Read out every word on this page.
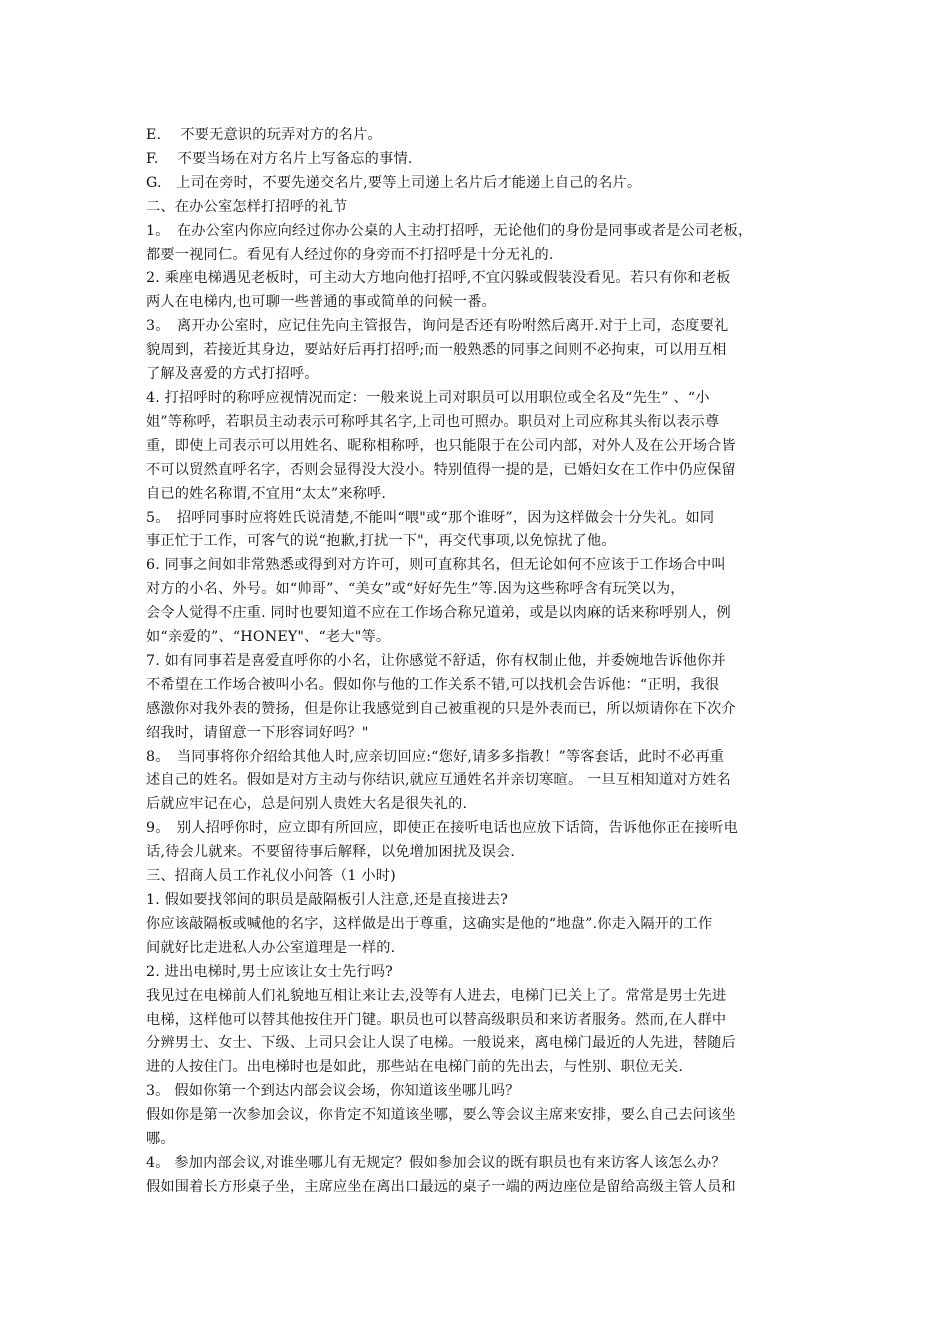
E.　 不要无意识的玩弄对方的名片。
F.　 不要当场在对方名片上写备忘的事情.
G.　上司在旁时，不要先递交名片,要等上司递上名片后才能递上自己的名片。
二、在办公室怎样打招呼的礼节
1。　在办公室内你应向经过你办公桌的人主动打招呼，无论他们的身份是同事或者是公司老板，
都要一视同仁。看见有人经过你的身旁而不打招呼是十分无礼的.
2. 乘座电梯遇见老板时，可主动大方地向他打招呼,不宜闪躲或假装没看见。若只有你和老板
两人在电梯内,也可聊一些普通的事或简单的问候一番。
3。　离开办公室时，应记住先向主管报告，询问是否还有吩咐然后离开.对于上司，态度要礼
貌周到，若接近其身边，要站好后再打招呼;而一般熟悉的同事之间则不必拘束，可以用互相
了解及喜爱的方式打招呼。
4. 打招呼时的称呼应视情况而定：一般来说上司对职员可以用职位或全名及“先生” 、“小
姐”等称呼，若职员主动表示可称呼其名字,上司也可照办。职员对上司应称其头衔以表示尊
重，即使上司表示可以用姓名、昵称相称呼，也只能限于在公司内部，对外人及在公开场合皆
不可以贸然直呼名字，否则会显得没大没小。特别值得一提的是，已婚妇女在工作中仍应保留
自已的姓名称谓,不宜用“太太”来称呼.
5。　招呼同事时应将姓氏说清楚,不能叫“喂"或“那个谁呀”，因为这样做会十分失礼。如同
事正忙于工作，可客气的说“抱歉,打扰一下"，再交代事项,以免惊扰了他。
6. 同事之间如非常熟悉或得到对方许可，则可直称其名，但无论如何不应该于工作场合中叫
对方的小名、外号。如“帅哥”、“美女”或“好好先生”等.因为这些称呼含有玩笑以为，
会令人觉得不庄重. 同时也要知道不应在工作场合称兄道弟，或是以肉麻的话来称呼别人，例
如“亲爱的”、“HONEY"、“老大"等。
7. 如有同事若是喜爱直呼你的小名，让你感觉不舒适，你有权制止他，并委婉地告诉他你并
不希望在工作场合被叫小名。假如你与他的工作关系不错,可以找机会告诉他：“正明，我很
感激你对我外表的赞扬，但是你让我感觉到自己被重视的只是外表而已，所以烦请你在下次介
绍我时，请留意一下形容词好吗？"
8。　当同事将你介绍给其他人时,应亲切回应:“您好,请多多指教！”等客套话，此时不必再重
述自己的姓名。假如是对方主动与你结识,就应互通姓名并亲切寒暄。 一旦互相知道对方姓名
后就应牢记在心，总是问别人贵姓大名是很失礼的.
9。　别人招呼你时，应立即有所回应，即使正在接听电话也应放下话筒，告诉他你正在接听电
话,待会儿就来。不要留待事后解释，以免增加困扰及误会.
三、招商人员工作礼仪小问答（1 小时)
1. 假如要找邻间的职员是敲隔板引人注意,还是直接进去?
你应该敲隔板或喊他的名字，这样做是出于尊重，这确实是他的“地盘”.你走入隔开的工作
间就好比走进私人办公室道理是一样的.
2. 进出电梯时,男士应该让女士先行吗?
我见过在电梯前人们礼貌地互相让来让去,没等有人进去，电梯门已关上了。常常是男士先进
电梯，这样他可以替其他按住开门键。职员也可以替高级职员和来访者服务。然而,在人群中
分辨男士、女士、下级、上司只会让人误了电梯。一般说来，离电梯门最近的人先进，替随后
进的人按住门。出电梯时也是如此，那些站在电梯门前的先出去，与性别、职位无关.
3。 假如你第一个到达内部会议会场，你知道该坐哪儿吗？
假如你是第一次参加会议，你肯定不知道该坐哪，要么等会议主席来安排，要么自己去问该坐
哪。
4。 参加内部会议,对谁坐哪儿有无规定？假如参加会议的既有职员也有来访客人该怎么办？
假如围着长方形桌子坐，主席应坐在离出口最远的桌子一端的两边座位是留给高级主管人员和
